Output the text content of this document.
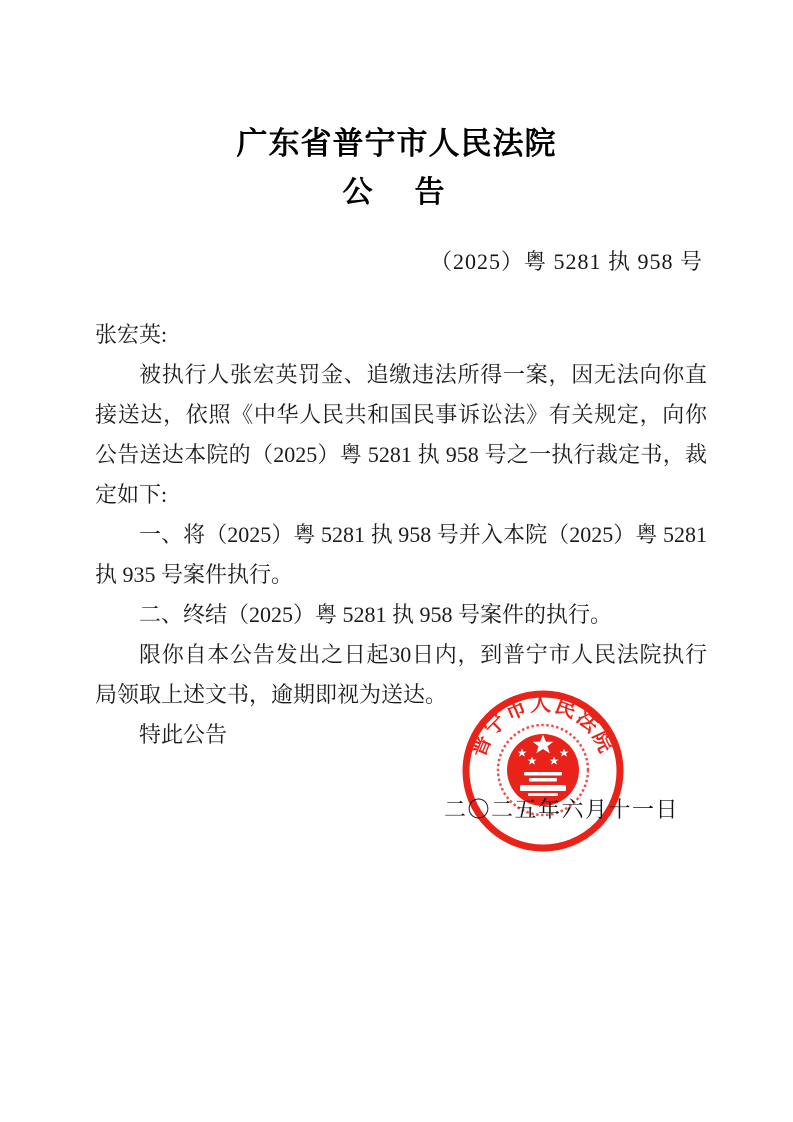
广东省普宁市人民法院
公　告
（2025）粤 5281 执 958 号

张宏英:

被执行人张宏英罚金、追缴违法所得一案，因无法向你直接送达，依照《中华人民共和国民事诉讼法》有关规定，向你公告送达本院的（2025）粤 5281 执 958 号之一执行裁定书，裁定如下:

一、将（2025）粤 5281 执 958 号并入本院（2025）粤 5281 执 935 号案件执行。

二、终结（2025）粤 5281 执 958 号案件的执行。

限你自本公告发出之日起30日内，到普宁市人民法院执行局领取上述文书，逾期即视为送达。

特此公告	普宁市人民法院
二〇二五年六月十一日
